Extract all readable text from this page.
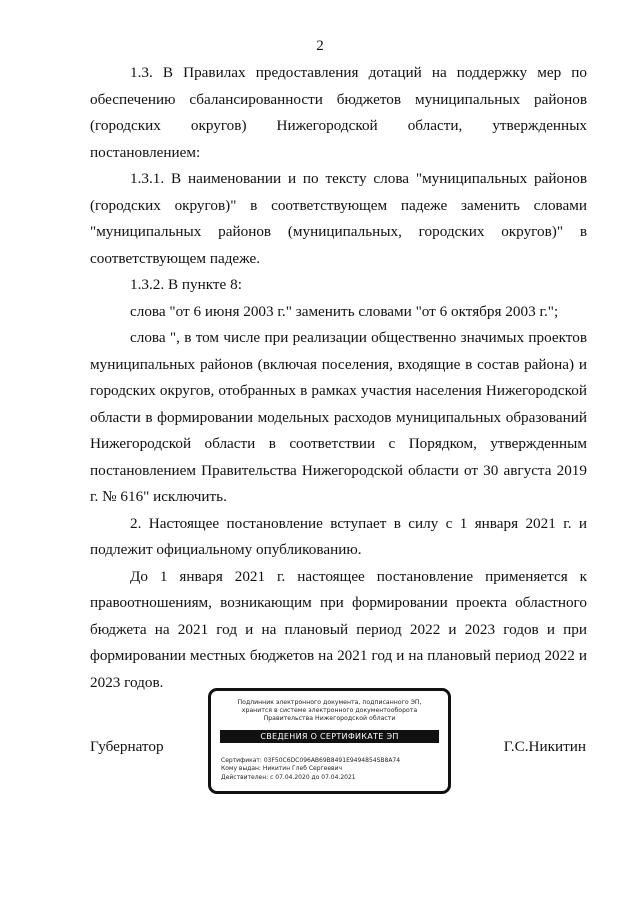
2

1.3. В Правилах предоставления дотаций на поддержку мер по обеспечению сбалансированности бюджетов муниципальных районов (городских округов) Нижегородской области, утвержденных постановлением:

1.3.1. В наименовании и по тексту слова "муниципальных районов (городских округов)" в соответствующем падеже заменить словами "муниципальных районов (муниципальных, городских округов)" в соответствующем падеже.

1.3.2. В пункте 8:

слова "от 6 июня 2003 г." заменить словами "от 6 октября 2003 г.";

слова ", в том числе при реализации общественно значимых проектов муниципальных районов (включая поселения, входящие в состав района) и городских округов, отобранных в рамках участия населения Нижегородской области в формировании модельных расходов муниципальных образований Нижегородской области в соответствии с Порядком, утвержденным постановлением Правительства Нижегородской области от 30 августа 2019 г. № 616" исключить.

2. Настоящее постановление вступает в силу с 1 января 2021 г. и подлежит официальному опубликованию.

До 1 января 2021 г. настоящее постановление применяется к правоотношениям, возникающим при формировании проекта областного бюджета на 2021 год и на плановый период 2022 и 2023 годов и при формировании местных бюджетов на 2021 год и на плановый период 2022 и 2023 годов.

Губернатор
Подлинник электронного документа, подписанного ЭП,
хранится в системе электронного документооборота
Правительства Нижегородской области
СВЕДЕНИЯ О СЕРТИФИКАТЕ ЭП
Сертификат: 03F50C6DC096AB69B8491E9494854SB8A74
Кому выдан: Никитин Глеб Сергеевич
Действителен: с 07.04.2020 до 07.04.2021
Г.С.Никитин
